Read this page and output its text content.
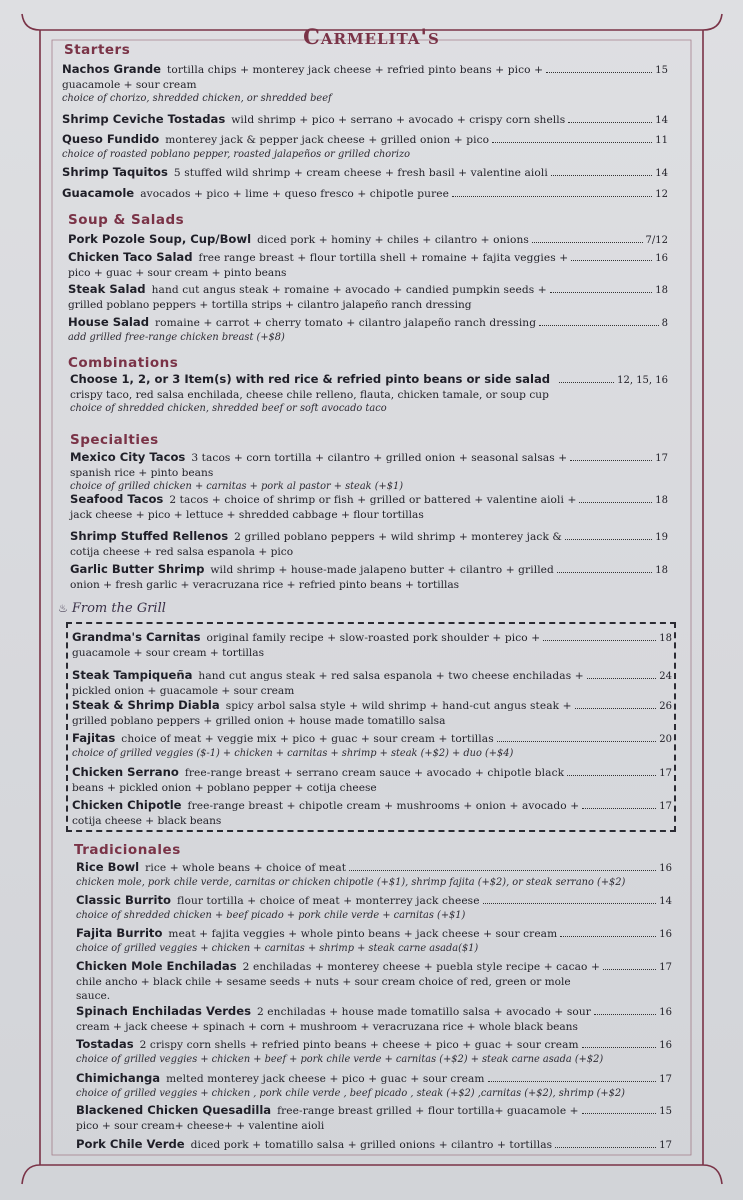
Carmelita's
Starters
Soup & Salads
Combinations
Specialties
♨ From the Grill
Tradicionales
Nachos Grande tortilla chips + monterey jack cheese + refried pinto beans + pico +	15
guacamole + sour cream
choice of chorizo, shredded chicken, or shredded beef
Shrimp Ceviche Tostadas wild shrimp + pico + serrano + avocado + crispy corn shells	14
Queso Fundido monterey jack & pepper jack cheese + grilled onion + pico	11
choice of roasted poblano pepper, roasted jalapeños or grilled chorizo
Shrimp Taquitos 5 stuffed wild shrimp + cream cheese + fresh basil + valentine aioli	14
Guacamole avocados + pico + lime + queso fresco + chipotle puree	12
Pork Pozole Soup, Cup/Bowl diced pork + hominy + chiles + cilantro + onions	7/12
Chicken Taco Salad free range breast + flour tortilla shell + romaine + fajita veggies +	16
pico + guac + sour cream + pinto beans
Steak Salad hand cut angus steak + romaine + avocado + candied pumpkin seeds +	18
grilled poblano peppers + tortilla strips + cilantro jalapeño ranch dressing
House Salad romaine + carrot + cherry tomato + cilantro jalapeño ranch dressing	8
add grilled free-range chicken breast (+$8)
Choose 1, 2, or 3 Item(s) with red rice & refried pinto beans or side salad	12, 15, 16
crispy taco, red salsa enchilada, cheese chile relleno, flauta, chicken tamale, or soup cup
choice of shredded chicken, shredded beef or soft avocado taco
Mexico City Tacos 3 tacos + corn tortilla + cilantro + grilled onion + seasonal salsas +	17
spanish rice + pinto beans
choice of grilled chicken + carnitas + pork al pastor + steak (+$1)
Seafood Tacos 2 tacos + choice of shrimp or fish + grilled or battered + valentine aioli +	18
jack cheese + pico + lettuce + shredded cabbage + flour tortillas
Shrimp Stuffed Rellenos 2 grilled poblano peppers + wild shrimp + monterey jack &	19
cotija cheese + red salsa espanola + pico
Garlic Butter Shrimp wild shrimp + house-made jalapeno butter + cilantro + grilled	18
onion + fresh garlic + veracruzana rice + refried pinto beans + tortillas
Grandma's Carnitas original family recipe + slow-roasted pork shoulder + pico +	18
guacamole + sour cream + tortillas
Steak Tampiqueña hand cut angus steak + red salsa espanola + two cheese enchiladas +	24
pickled onion + guacamole + sour cream
Steak & Shrimp Diabla spicy arbol salsa style + wild shrimp + hand-cut angus steak +	26
grilled poblano peppers + grilled onion + house made tomatillo salsa
Fajitas choice of meat + veggie mix + pico + guac + sour cream + tortillas	20
choice of grilled veggies ($-1) + chicken + carnitas + shrimp + steak (+$2) + duo (+$4)
Chicken Serrano free-range breast + serrano cream sauce + avocado + chipotle black	17
beans + pickled onion + poblano pepper + cotija cheese
Chicken Chipotle free-range breast + chipotle cream + mushrooms + onion + avocado +	17
cotija cheese + black beans
Rice Bowl rice + whole beans + choice of meat	16
chicken mole, pork chile verde, carnitas or chicken chipotle (+$1), shrimp fajita (+$2), or steak serrano (+$2)
Classic Burrito flour tortilla + choice of meat + monterrey jack cheese	14
choice of shredded chicken + beef picado + pork chile verde + carnitas (+$1)
Fajita Burrito meat + fajita veggies + whole pinto beans + jack cheese + sour cream	16
choice of grilled veggies + chicken + carnitas + shrimp + steak carne asada($1)
Chicken Mole Enchiladas 2 enchiladas + monterey cheese + puebla style recipe + cacao +	17
chile ancho + black chile + sesame seeds + nuts + sour cream choice of red, green or mole
sauce.
Spinach Enchiladas Verdes 2 enchiladas + house made tomatillo salsa + avocado + sour	16
cream + jack cheese + spinach + corn + mushroom + veracruzana rice + whole black beans
Tostadas 2 crispy corn shells + refried pinto beans + cheese + pico + guac + sour cream	16
choice of grilled veggies + chicken + beef + pork chile verde + carnitas (+$2) + steak carne asada (+$2)
Chimichanga melted monterey jack cheese + pico + guac + sour cream	17
choice of grilled veggies + chicken , pork chile verde , beef picado , steak (+$2) ,carnitas (+$2), shrimp (+$2)
Blackened Chicken Quesadilla free-range breast grilled + flour tortilla+ guacamole +	15
pico + sour cream+ cheese+ + valentine aioli
Pork Chile Verde diced pork + tomatillo salsa + grilled onions + cilantro + tortillas	17
